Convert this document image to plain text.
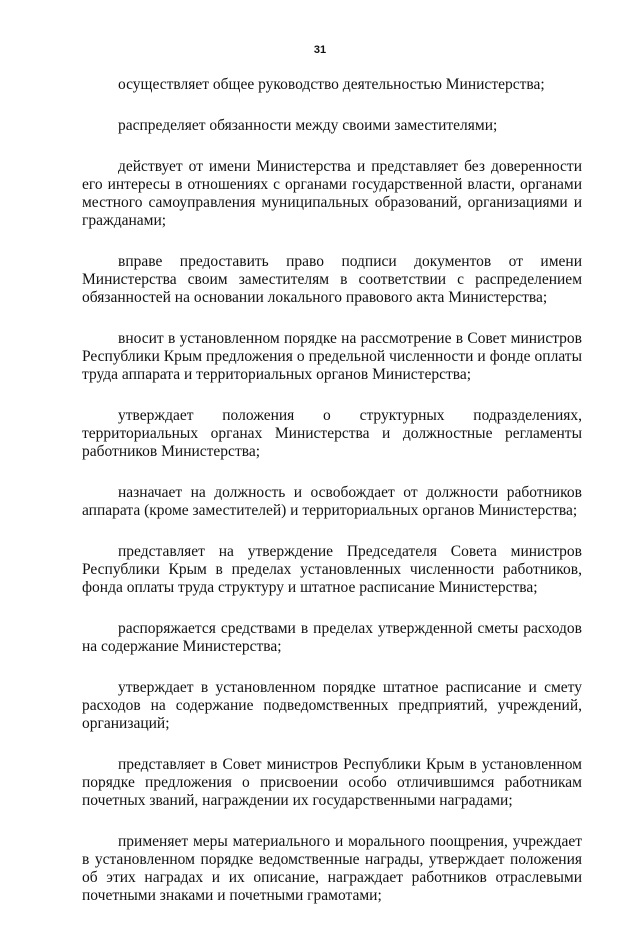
31

осуществляет общее руководство деятельностью Министерства;

распределяет обязанности между своими заместителями;

действует от имени Министерства и представляет без доверенности его интересы в отношениях с органами государственной власти, органами местного самоуправления муниципальных образований, организациями и гражданами;

вправе предоставить право подписи документов от имени Министерства своим заместителям в соответствии с распределением обязанностей на основании локального правового акта Министерства;

вносит в установленном порядке на рассмотрение в Совет министров Республики Крым предложения о предельной численности и фонде оплаты труда аппарата и территориальных органов Министерства;

утверждает положения о структурных подразделениях, территориальных органах Министерства и должностные регламенты работников Министерства;

назначает на должность и освобождает от должности работников аппарата (кроме заместителей) и территориальных органов Министерства;

представляет на утверждение Председателя Совета министров Республики Крым в пределах установленных численности работников, фонда оплаты труда структуру и штатное расписание Министерства;

распоряжается средствами в пределах утвержденной сметы расходов на содержание Министерства;

утверждает в установленном порядке штатное расписание и смету расходов на содержание подведомственных предприятий, учреждений, организаций;

представляет в Совет министров Республики Крым в установленном порядке предложения о присвоении особо отличившимся работникам почетных званий, награждении их государственными наградами;

применяет меры материального и морального поощрения, учреждает в установленном порядке ведомственные награды, утверждает положения об этих наградах и их описание, награждает работников отраслевыми почетными знаками и почетными грамотами;
